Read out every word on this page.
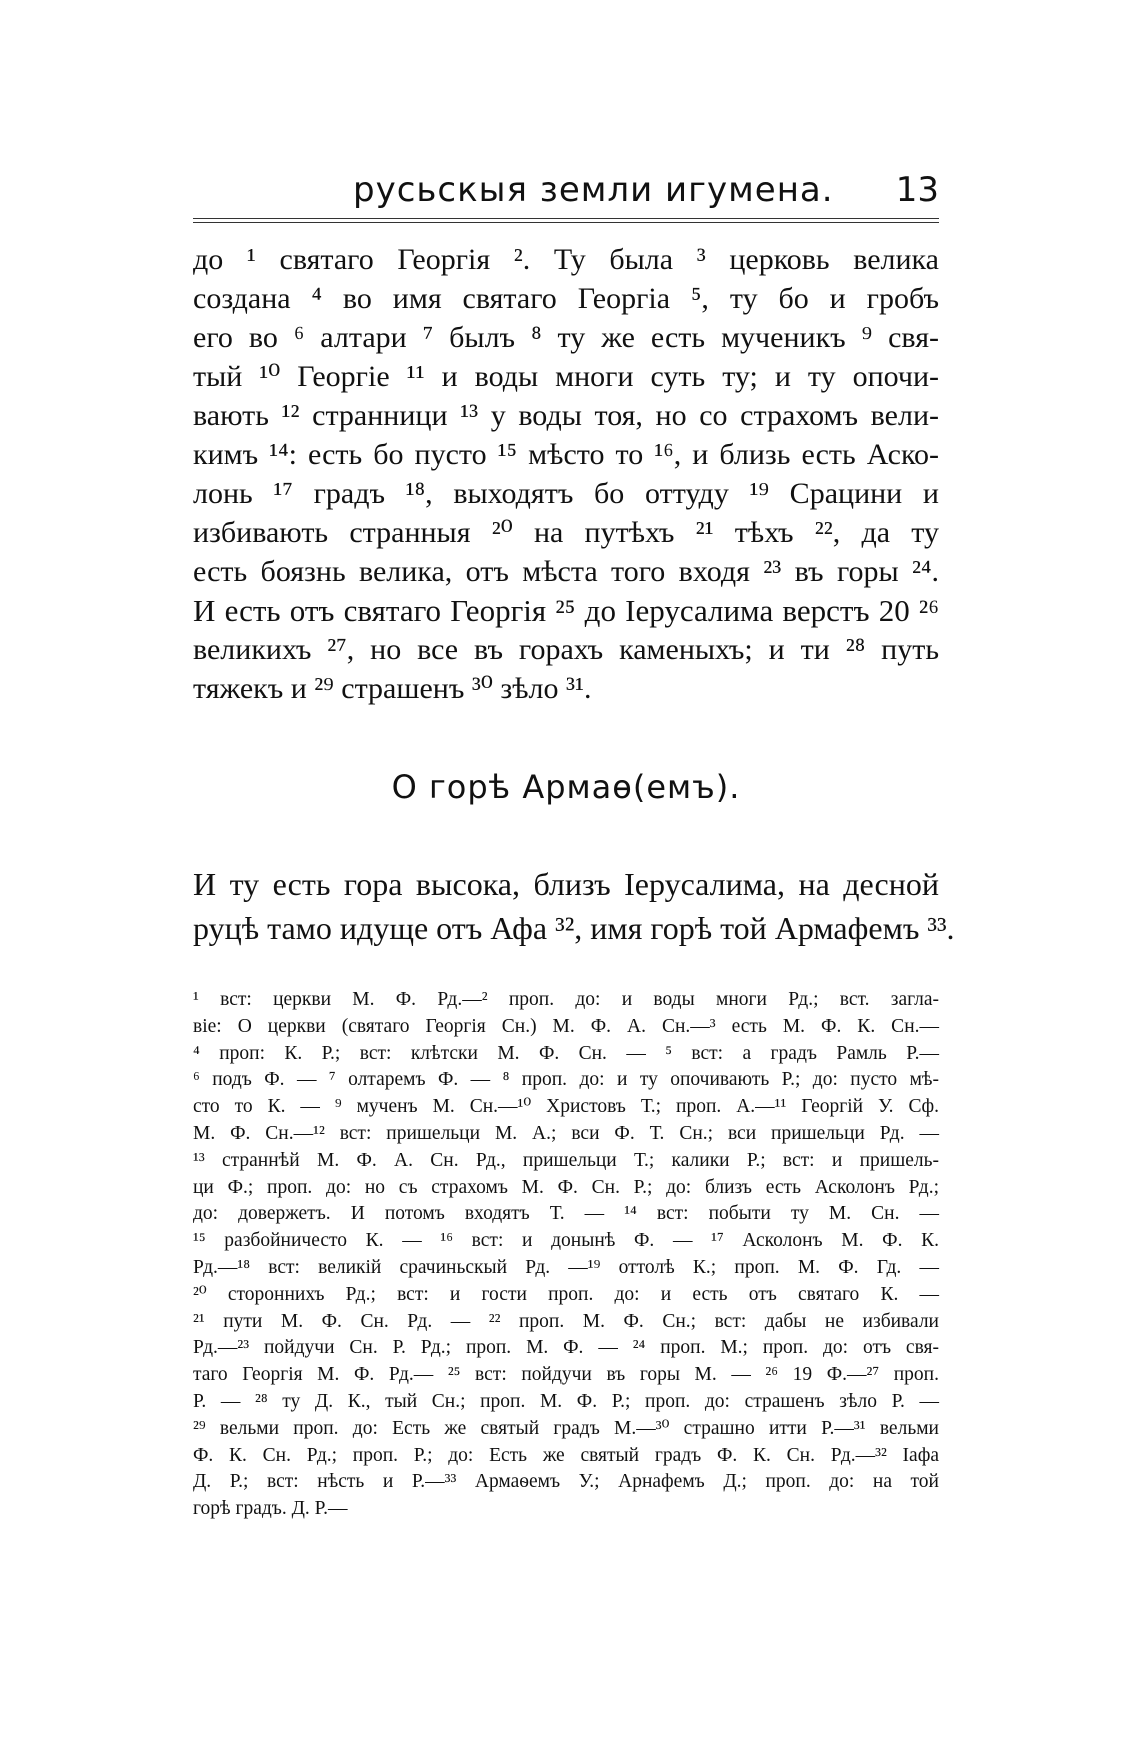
русьскыя земли игумена. 13
до ¹ святаго Георгія ². Ту была ³ церковь велика
создана ⁴ во имя святаго Георгіа ⁵, ту бо и гробъ
его во ⁶ алтари ⁷ былъ ⁸ ту же есть мученикъ ⁹ свя-
тый ¹⁰ Георгіе ¹¹ и воды многи суть ту; и ту опочи-
вають ¹² странници ¹³ у воды тоя, но со страхомъ вели-
кимъ ¹⁴: есть бо пусто ¹⁵ мѣсто то ¹⁶, и близь есть Аско-
лонь ¹⁷ градъ ¹⁸, выходятъ бо оттуду ¹⁹ Срацини и
избивають странныя ²⁰ на путѣхъ ²¹ тѣхъ ²², да ту
есть боязнь велика, отъ мѣста того входя ²³ въ горы ²⁴.
И есть отъ святаго Георгія ²⁵ до Іерусалима верстъ 20 ²⁶
великихъ ²⁷, но все въ горахъ каменыхъ; и ти ²⁸ путь
тяжекъ и ²⁹ страшенъ ³⁰ зѣло ³¹.
О горѣ Армаѳ(емъ).
И ту есть гора высока, близъ Іерусалима, на десной
руцѣ тамо идуще отъ Афа ³², имя горѣ той Армафемъ ³³.
¹ вст: церкви М. Ф. Рд.—² проп. до: и воды многи Рд.; вст. загла-
віе: О церкви (святаго Георгія Сн.) М. Ф. А. Сн.—³ есть М. Ф. К. Сн.—
⁴ проп: К. Р.; вст: клѣтски М. Ф. Сн. — ⁵ вст: а градъ Рамль Р.—
⁶ подъ Ф. — ⁷ олтаремъ Ф. — ⁸ проп. до: и ту опочивають Р.; до: пусто мѣ-
сто то К. — ⁹ мученъ М. Сн.—¹⁰ Христовъ Т.; проп. А.—¹¹ Георгій У. Сф.
М. Ф. Сн.—¹² вст: пришельци М. А.; вси Ф. Т. Сн.; вси пришельци Рд. —
¹³ страннѣй М. Ф. А. Сн. Рд., пришельци Т.; калики Р.; вст: и пришель-
ци Ф.; проп. до: но съ страхомъ М. Ф. Сн. Р.; до: близъ есть Асколонъ Рд.;
до: довержетъ. И потомъ входятъ Т. — ¹⁴ вст: побыти ту М. Сн. —
¹⁵ разбойничесто К. — ¹⁶ вст: и донынѣ Ф. — ¹⁷ Асколонъ М. Ф. К.
Рд.—¹⁸ вст: великій срачиньскый Рд. —¹⁹ оттолѣ К.; проп. М. Ф. Гд. —
²⁰ стороннихъ Рд.; вст: и гости проп. до: и есть отъ святаго К. —
²¹ пути М. Ф. Сн. Рд. — ²² проп. М. Ф. Сн.; вст: дабы не избивали
Рд.—²³ пойдучи Сн. Р. Рд.; проп. М. Ф. — ²⁴ проп. М.; проп. до: отъ свя-
таго Георгія М. Ф. Рд.— ²⁵ вст: пойдучи въ горы М. — ²⁶ 19 Ф.—²⁷ проп.
Р. — ²⁸ ту Д. К., тый Сн.; проп. М. Ф. Р.; проп. до: страшенъ зѣло Р. —
²⁹ вельми проп. до: Есть же святый градъ М.—³⁰ страшно итти Р.—³¹ вельми
Ф. К. Сн. Рд.; проп. Р.; до: Есть же святый градъ Ф. К. Сн. Рд.—³² Іафа
Д. Р.; вст: нѣсть и Р.—³³ Армаѳемъ У.; Арнафемъ Д.; проп. до: на той
горѣ градъ. Д. Р.—
